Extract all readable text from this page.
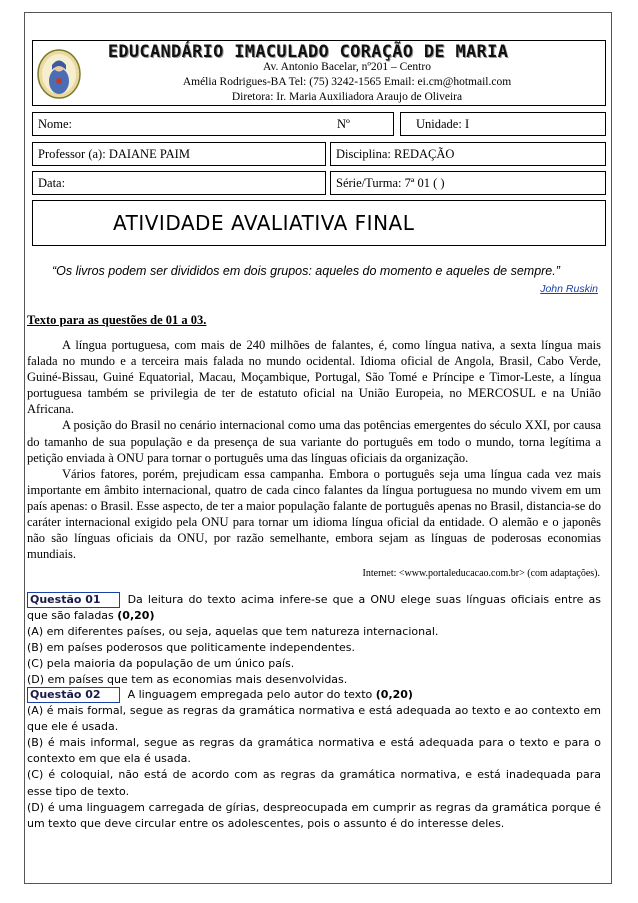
EDUCANDÁRIO IMACULADO CORAÇÃO DE MARIA
Av. Antonio Bacelar, nº201 – Centro
Amélia Rodrigues-BA Tel: (75) 3242-1565 Email: ei.cm@hotmail.com
Diretora: Ir. Maria Auxiliadora Araujo de Oliveira
Nome:	Nº	Unidade: I
Professor (a): DAIANE PAIM	Disciplina: REDAÇÃO
Data:	Série/Turma: 7ª 01 ( )
ATIVIDADE AVALIATIVA FINAL
“Os livros podem ser divididos em dois grupos: aqueles do momento e aqueles de sempre.”
John Ruskin
Texto para as questões de 01 a 03.

A língua portuguesa, com mais de 240 milhões de falantes, é, como língua nativa, a sexta língua mais falada no mundo e a terceira mais falada no mundo ocidental. Idioma oficial de Angola, Brasil, Cabo Verde, Guiné-Bissau, Guiné Equatorial, Macau, Moçambique, Portugal, São Tomé e Príncipe e Timor-Leste, a língua portuguesa também se privilegia de ter de estatuto oficial na União Europeia, no MERCOSUL e na União Africana.

A posição do Brasil no cenário internacional como uma das potências emergentes do século XXI, por causa do tamanho de sua população e da presença de sua variante do português em todo o mundo, torna legítima a petição enviada à ONU para tornar o português uma das línguas oficiais da organização.

Vários fatores, porém, prejudicam essa campanha. Embora o português seja uma língua cada vez mais importante em âmbito internacional, quatro de cada cinco falantes da língua portuguesa no mundo vivem em um país apenas: o Brasil. Esse aspecto, de ter a maior população falante de português apenas no Brasil, distancia-se do caráter internacional exigido pela ONU para tornar um idioma língua oficial da entidade. O alemão e o japonês não são línguas oficiais da ONU, por razão semelhante, embora sejam as línguas de poderosas economias mundiais.

Internet: <www.portaleducacao.com.br> (com adaptações).
Questão 01 Da leitura do texto acima infere-se que a ONU elege suas línguas oficiais entre as que são faladas (0,20)
(A) em diferentes países, ou seja, aquelas que tem natureza internacional.
(B) em países poderosos que politicamente independentes.
(C) pela maioria da população de um único país.
(D) em países que tem as economias mais desenvolvidas.
Questão 02 A linguagem empregada pelo autor do texto (0,20)
(A) é mais formal, segue as regras da gramática normativa e está adequada ao texto e ao contexto em que ele é usada.
(B) é mais informal, segue as regras da gramática normativa e está adequada para o texto e para o contexto em que ela é usada.
(C) é coloquial, não está de acordo com as regras da gramática normativa, e está inadequada para esse tipo de texto.
(D) é uma linguagem carregada de gírias, despreocupada em cumprir as regras da gramática porque é um texto que deve circular entre os adolescentes, pois o assunto é do interesse deles.
